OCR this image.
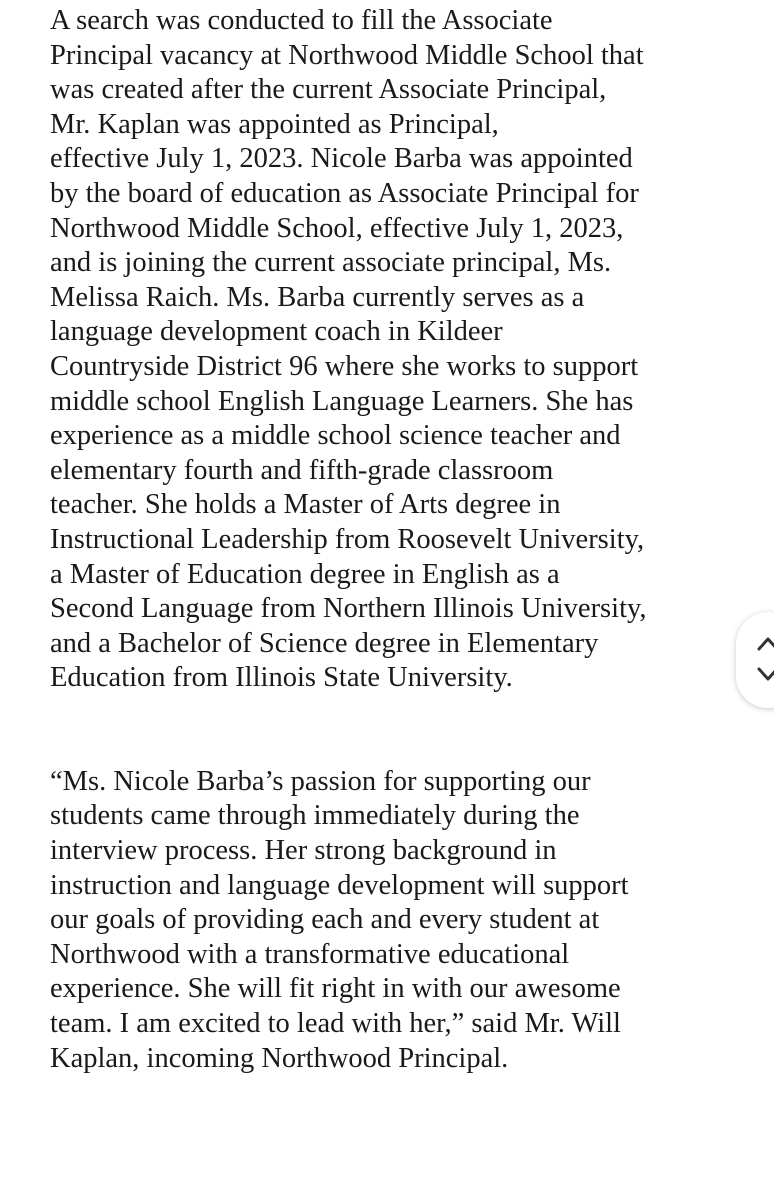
A search was conducted to fill the Associate
Principal vacancy at Northwood Middle School that
was created after the current Associate Principal,
Mr. Kaplan was appointed as Principal,
effective July 1, 2023. Nicole Barba was appointed
by the board of education as Associate Principal for
Northwood Middle School, effective July 1, 2023,
and is joining the current associate principal, Ms.
Melissa Raich. Ms. Barba currently serves as a
language development coach in Kildeer
Countryside District 96 where she works to support
middle school English Language Learners. She has
experience as a middle school science teacher and
elementary fourth and fifth-grade classroom
teacher. She holds a Master of Arts degree in
Instructional Leadership from Roosevelt University,
a Master of Education degree in English as a
Second Language from Northern Illinois University,
and a Bachelor of Science degree in Elementary
Education from Illinois State University.

“Ms. Nicole Barba’s passion for supporting our
students came through immediately during the
interview process. Her strong background in
instruction and language development will support
our goals of providing each and every student at
Northwood with a transformative educational
experience. She will fit right in with our awesome
team. I am excited to lead with her,” said Mr. Will
Kaplan, incoming Northwood Principal.
